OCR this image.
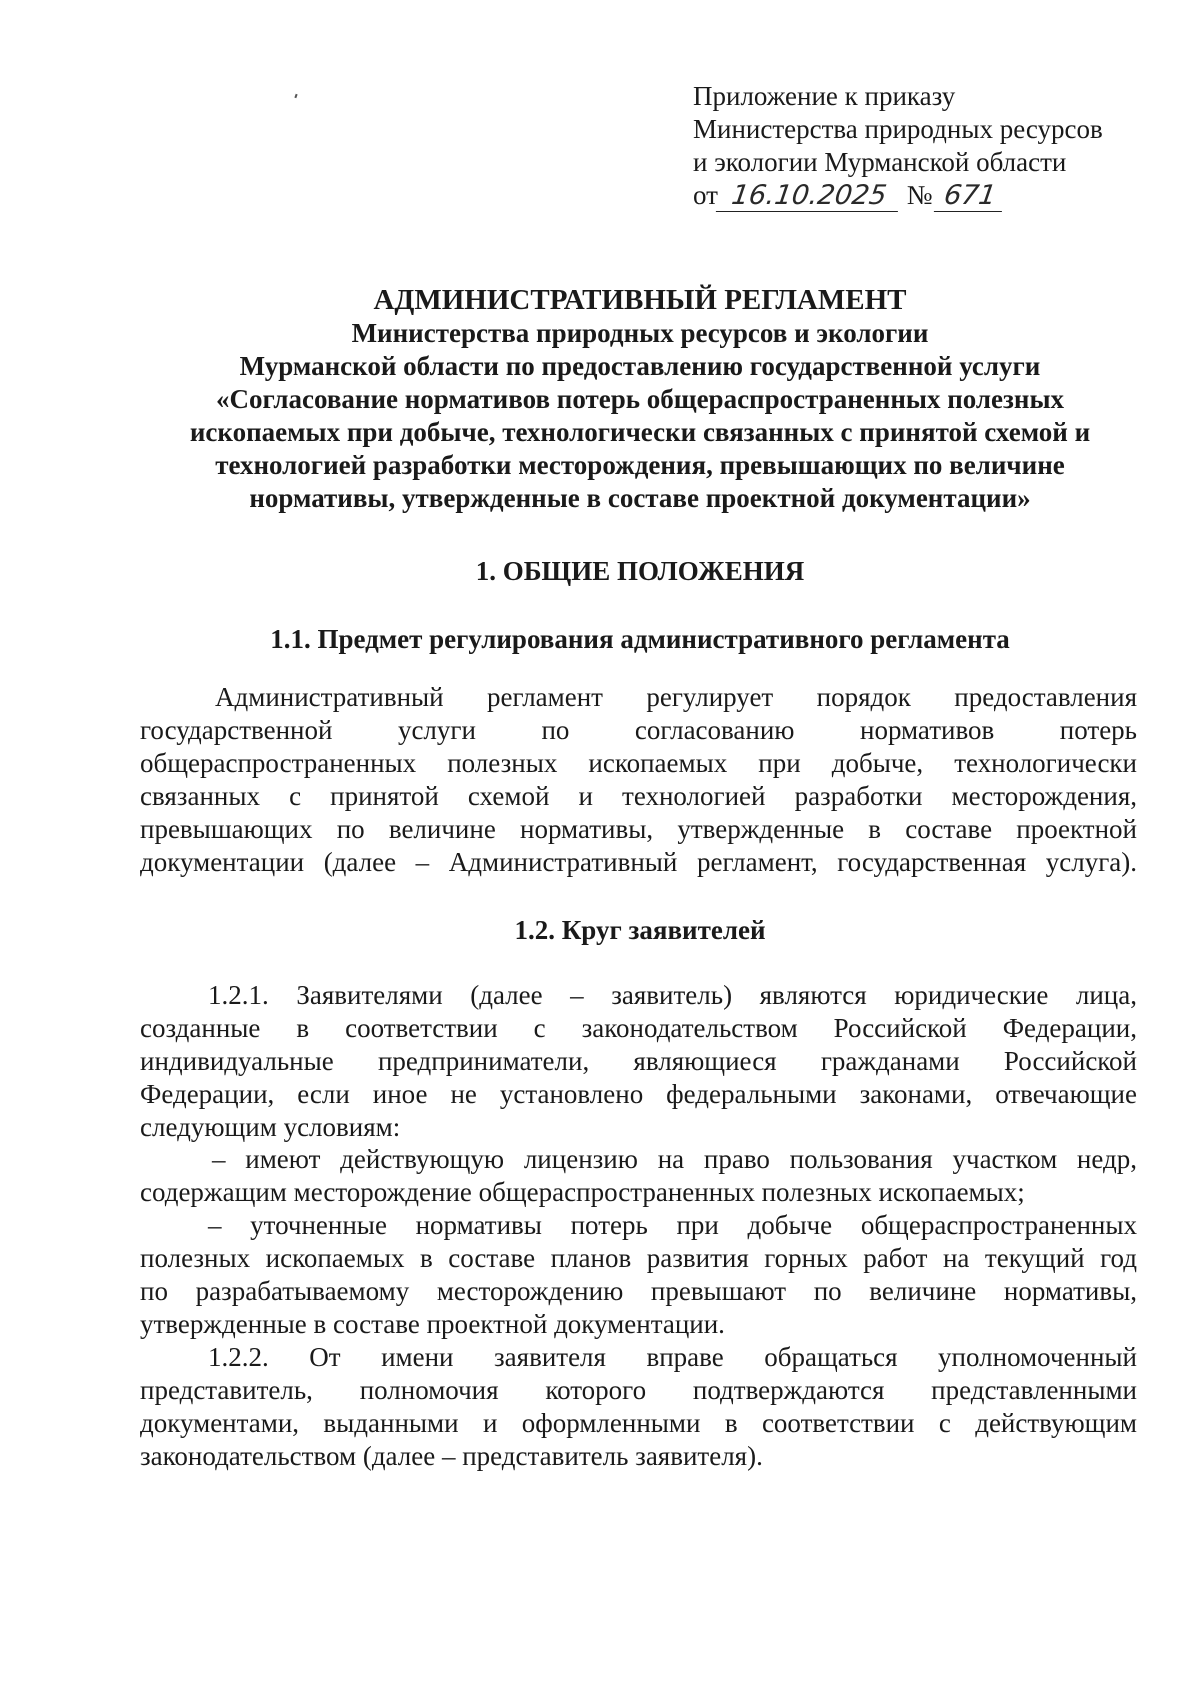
Приложение к приказу
Министерства природных ресурсов
и экологии Мурманской области
от 16.10.2025 № 671
АДМИНИСТРАТИВНЫЙ РЕГЛАМЕНТ
Министерства природных ресурсов и экологии
Мурманской области по предоставлению государственной услуги
«Согласование нормативов потерь общераспространенных полезных
ископаемых при добыче, технологически связанных с принятой схемой и
технологией разработки месторождения, превышающих по величине
нормативы, утвержденные в составе проектной документации»
1. ОБЩИЕ ПОЛОЖЕНИЯ
1.1. Предмет регулирования административного регламента
Административный регламент регулирует порядок предоставления
государственной услуги по согласованию нормативов потерь
общераспространенных полезных ископаемых при добыче, технологически
связанных с принятой схемой и технологией разработки месторождения,
превышающих по величине нормативы, утвержденные в составе проектной
документации (далее – Административный регламент, государственная услуга).
1.2. Круг заявителей
1.2.1. Заявителями (далее – заявитель) являются юридические лица,
созданные в соответствии с законодательством Российской Федерации,
индивидуальные предприниматели, являющиеся гражданами Российской
Федерации, если иное не установлено федеральными законами, отвечающие
следующим условиям:
– имеют действующую лицензию на право пользования участком недр,
содержащим месторождение общераспространенных полезных ископаемых;
– уточненные нормативы потерь при добыче общераспространенных
полезных ископаемых в составе планов развития горных работ на текущий год
по разрабатываемому месторождению превышают по величине нормативы,
утвержденные в составе проектной документации.
1.2.2. От имени заявителя вправе обращаться уполномоченный
представитель, полномочия которого подтверждаются представленными
документами, выданными и оформленными в соответствии с действующим
законодательством (далее – представитель заявителя).
